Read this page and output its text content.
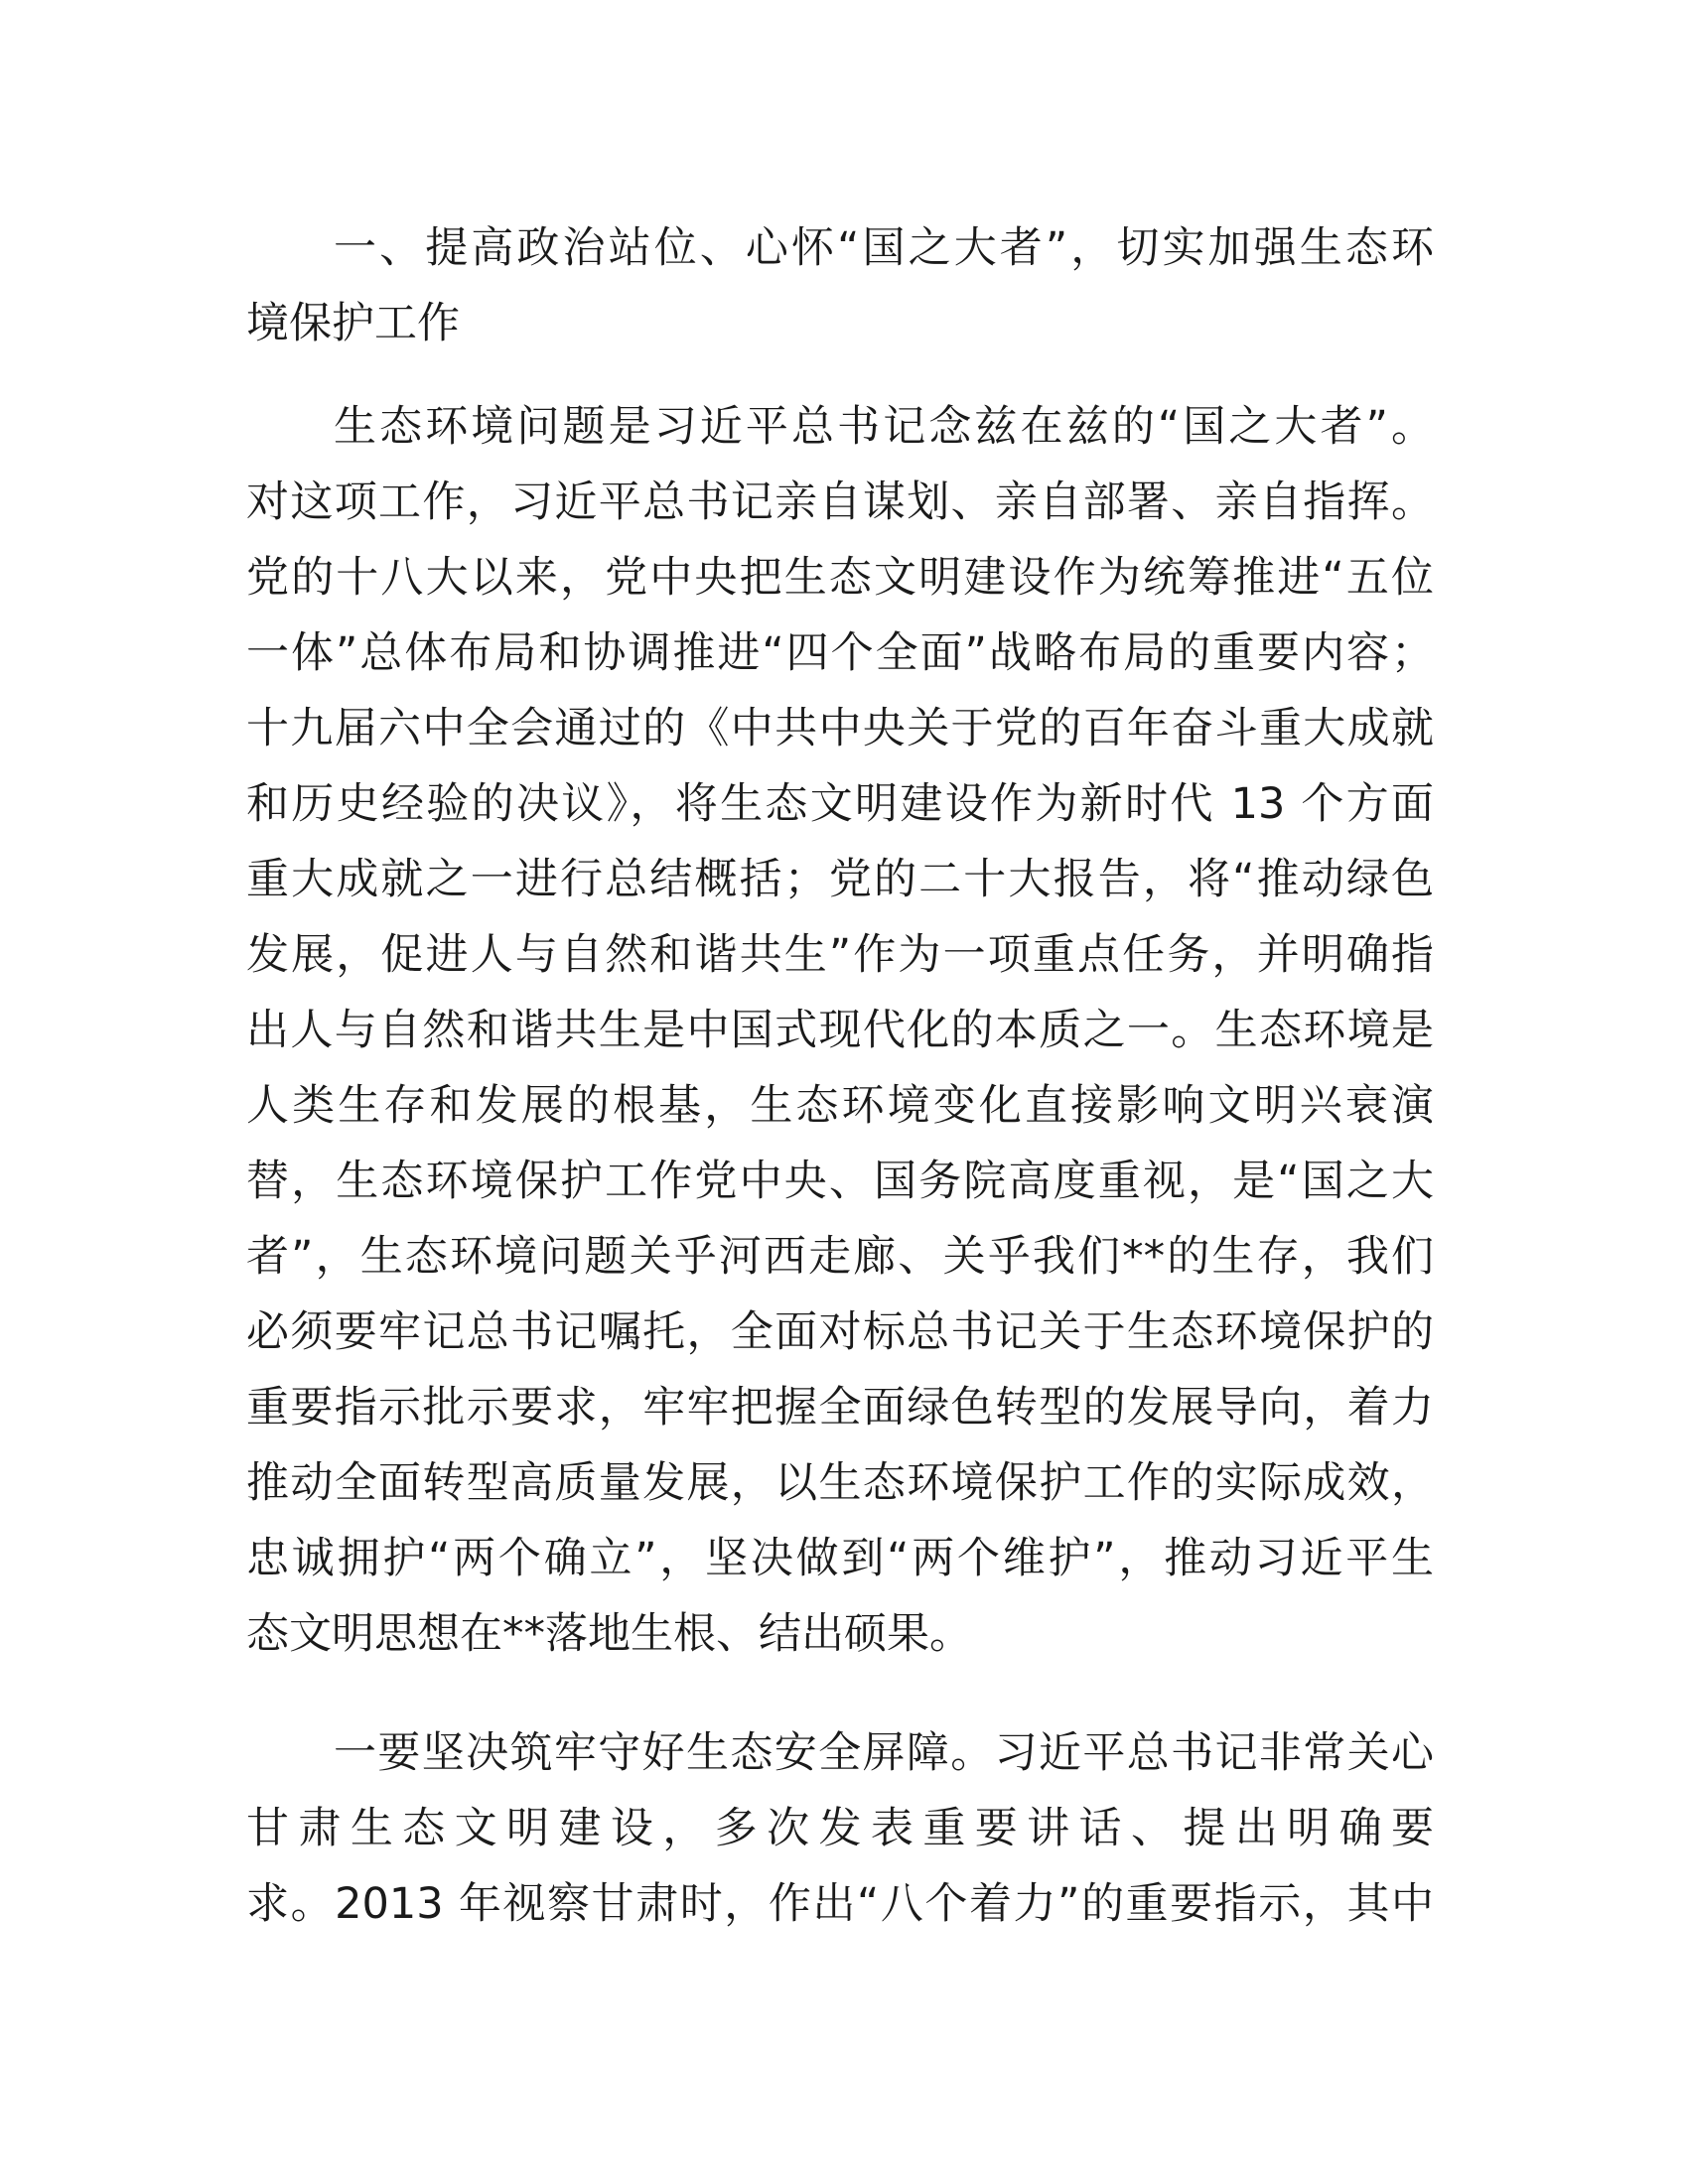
一、提高政治站位、心怀“国之大者”，切实加强生态环
境保护工作
生态环境问题是习近平总书记念兹在兹的“国之大者”。
对这项工作，习近平总书记亲自谋划、亲自部署、亲自指挥。
党的十八大以来，党中央把生态文明建设作为统筹推进“五位
一体”总体布局和协调推进“四个全面”战略布局的重要内容；
十九届六中全会通过的《中共中央关于党的百年奋斗重大成就
和历史经验的决议》，将生态文明建设作为新时代 13 个方面
重大成就之一进行总结概括；党的二十大报告，将“推动绿色
发展，促进人与自然和谐共生”作为一项重点任务，并明确指
出人与自然和谐共生是中国式现代化的本质之一。生态环境是
人类生存和发展的根基，生态环境变化直接影响文明兴衰演
替，生态环境保护工作党中央、国务院高度重视，是“国之大
者”，生态环境问题关乎河西走廊、关乎我们**的生存，我们
必须要牢记总书记嘱托，全面对标总书记关于生态环境保护的
重要指示批示要求，牢牢把握全面绿色转型的发展导向，着力
推动全面转型高质量发展，以生态环境保护工作的实际成效，
忠诚拥护“两个确立”，坚决做到“两个维护”，推动习近平生
态文明思想在**落地生根、结出硕果。
一要坚决筑牢守好生态安全屏障。习近平总书记非常关心
甘肃生态文明建设，多次发表重要讲话、提出明确要
求。2013 年视察甘肃时，作出“八个着力”的重要指示，其中
